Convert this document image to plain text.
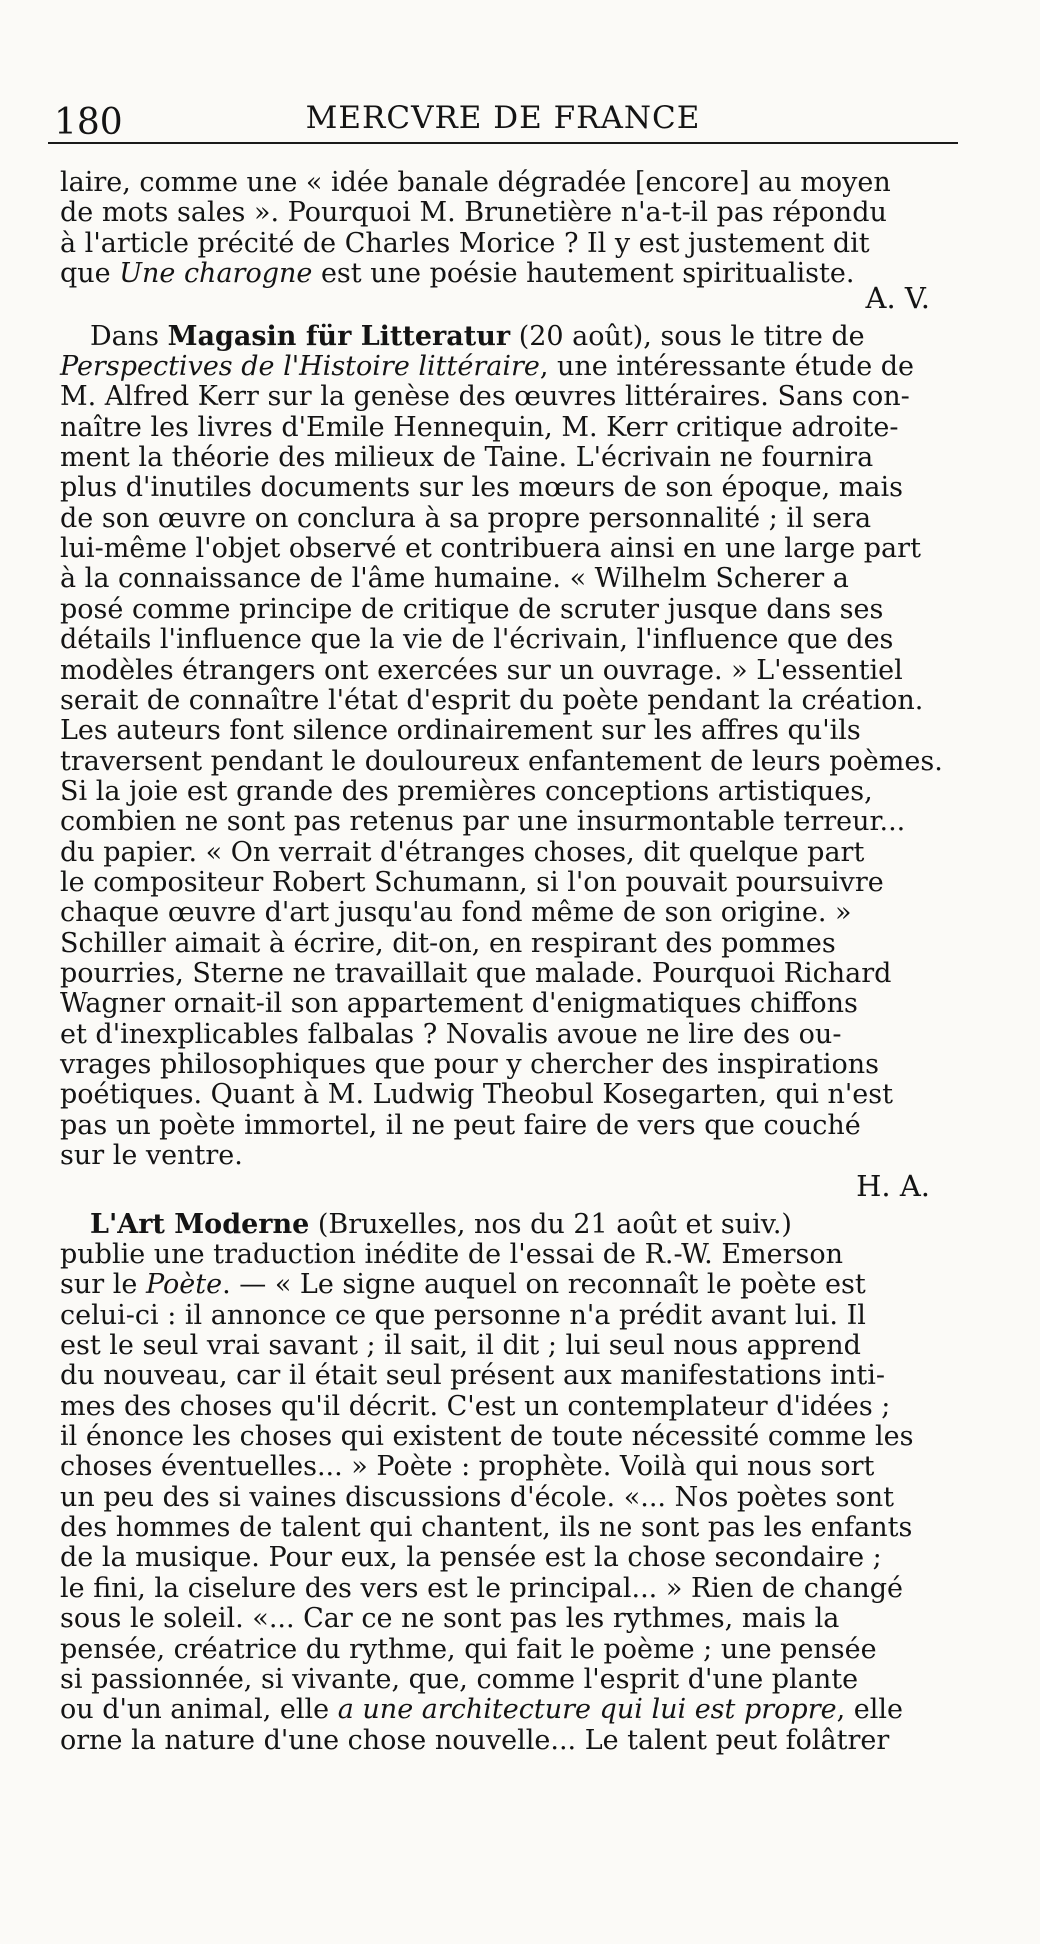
180	MERCVRE DE FRANCE
laire, comme une « idée banale dégradée [encore] au moyen
de mots sales ». Pourquoi M. Brunetière n'a-t-il pas répondu
à l'article précité de Charles Morice ? Il y est justement dit
que Une charogne est une poésie hautement spiritualiste.
A. V.
Dans Magasin für Litteratur (20 août), sous le titre de
Perspectives de l'Histoire littéraire, une intéressante étude de
M. Alfred Kerr sur la genèse des œuvres littéraires. Sans con-
naître les livres d'Emile Hennequin, M. Kerr critique adroite-
ment la théorie des milieux de Taine. L'écrivain ne fournira
plus d'inutiles documents sur les mœurs de son époque, mais
de son œuvre on conclura à sa propre personnalité ; il sera
lui-même l'objet observé et contribuera ainsi en une large part
à la connaissance de l'âme humaine. « Wilhelm Scherer a
posé comme principe de critique de scruter jusque dans ses
détails l'influence que la vie de l'écrivain, l'influence que des
modèles étrangers ont exercées sur un ouvrage. » L'essentiel
serait de connaître l'état d'esprit du poète pendant la création.
Les auteurs font silence ordinairement sur les affres qu'ils
traversent pendant le douloureux enfantement de leurs poèmes.
Si la joie est grande des premières conceptions artistiques,
combien ne sont pas retenus par une insurmontable terreur...
du papier. « On verrait d'étranges choses, dit quelque part
le compositeur Robert Schumann, si l'on pouvait poursuivre
chaque œuvre d'art jusqu'au fond même de son origine. »
Schiller aimait à écrire, dit-on, en respirant des pommes
pourries, Sterne ne travaillait que malade. Pourquoi Richard
Wagner ornait-il son appartement d'enigmatiques chiffons
et d'inexplicables falbalas ? Novalis avoue ne lire des ou-
vrages philosophiques que pour y chercher des inspirations
poétiques. Quant à M. Ludwig Theobul Kosegarten, qui n'est
pas un poète immortel, il ne peut faire de vers que couché
sur le ventre.
H. A.
L'Art Moderne (Bruxelles, nos du 21 août et suiv.)
publie une traduction inédite de l'essai de R.-W. Emerson
sur le Poète. — « Le signe auquel on reconnaît le poète est
celui-ci : il annonce ce que personne n'a prédit avant lui. Il
est le seul vrai savant ; il sait, il dit ; lui seul nous apprend
du nouveau, car il était seul présent aux manifestations inti-
mes des choses qu'il décrit. C'est un contemplateur d'idées ;
il énonce les choses qui existent de toute nécessité comme les
choses éventuelles... » Poète : prophète. Voilà qui nous sort
un peu des si vaines discussions d'école. «... Nos poètes sont
des hommes de talent qui chantent, ils ne sont pas les enfants
de la musique. Pour eux, la pensée est la chose secondaire ;
le fini, la ciselure des vers est le principal... » Rien de changé
sous le soleil. «... Car ce ne sont pas les rythmes, mais la
pensée, créatrice du rythme, qui fait le poème ; une pensée
si passionnée, si vivante, que, comme l'esprit d'une plante
ou d'un animal, elle a une architecture qui lui est propre, elle
orne la nature d'une chose nouvelle... Le talent peut folâtrer
